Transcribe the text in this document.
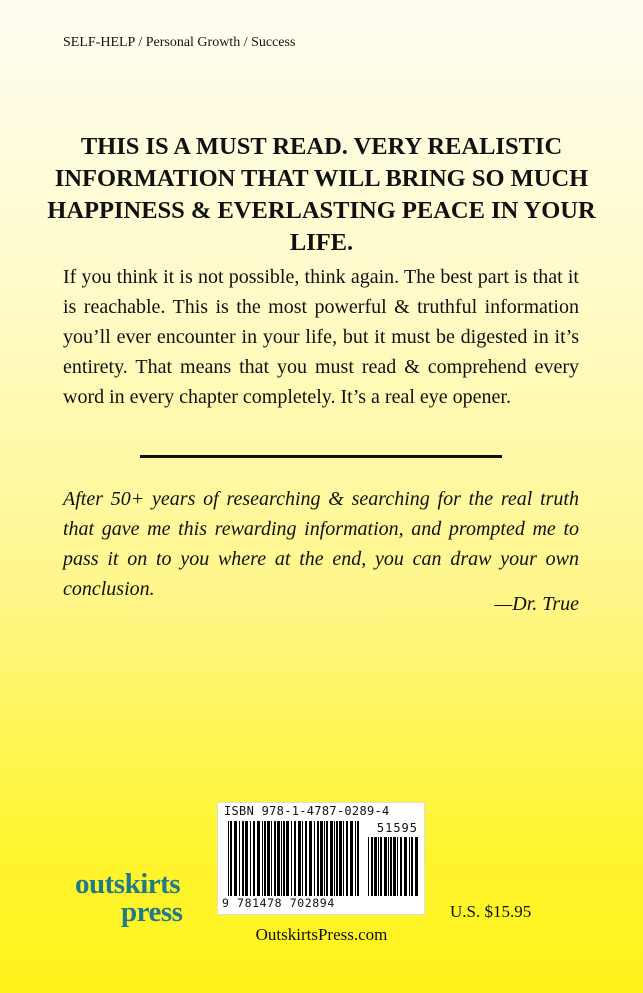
SELF-HELP / Personal Growth / Success
THIS IS A MUST READ. VERY REALISTIC INFORMATION THAT WILL BRING SO MUCH HAPPINESS & EVERLASTING PEACE IN YOUR LIFE.
If you think it is not possible, think again. The best part is that it is reachable. This is the most powerful & truthful information you’ll ever encounter in your life, but it must be digested in it’s entirety. That means that you must read & comprehend every word in every chapter completely. It’s a real eye opener.
After 50+ years of researching & searching for the real truth that gave me this rewarding information, and prompted me to pass it on to you where at the end, you can draw your own conclusion.
—Dr. True
ISBN 978-1-4787-0289-4
51595
9 781478 702894
outskirts
press	U.S. $15.95
OutskirtsPress.com
